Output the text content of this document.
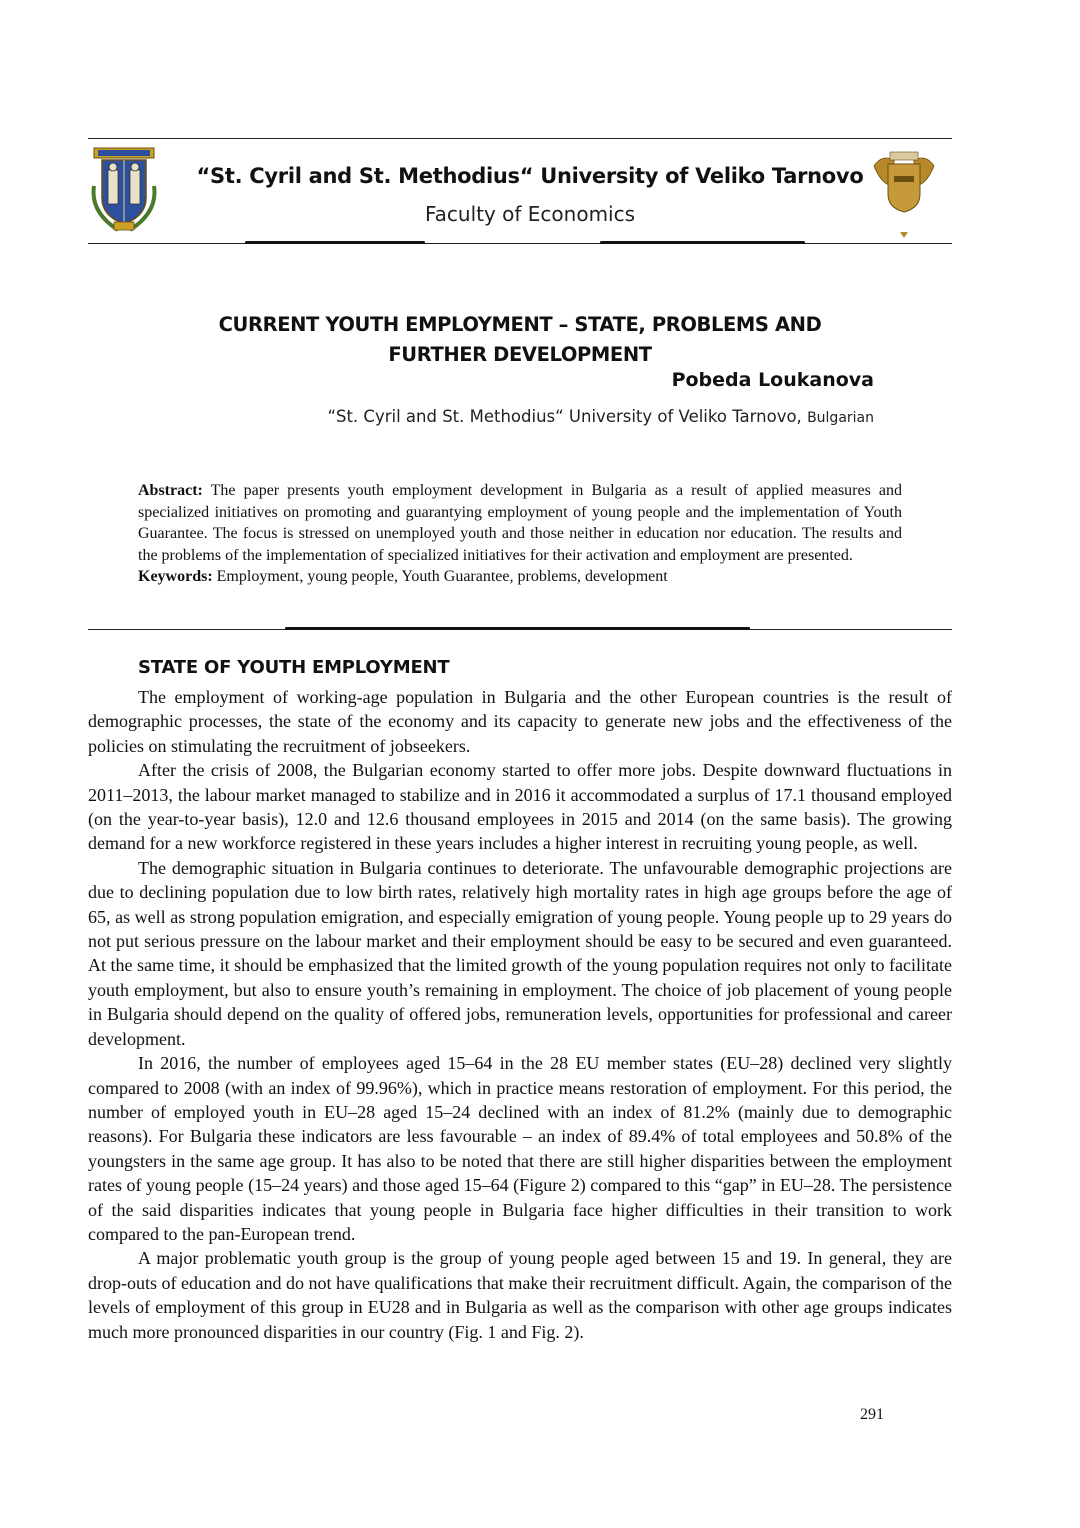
“St. Cyril and St. Methodius“ University of Veliko Tarnovo
Faculty of Economics
CURRENT YOUTH EMPLOYMENT – STATE, PROBLEMS AND
FURTHER DEVELOPMENT
Pobeda Loukanova
“St. Cyril and St. Methodius“ University of Veliko Tarnovo, Bulgarian

Abstract: The paper presents youth employment development in Bulgaria as a result of applied measures and specialized initiatives on promoting and guarantying employment of young people and the implementation of Youth Guarantee. The focus is stressed on unemployed youth and those neither in education nor education. The results and the problems of the implementation of specialized initiatives for their activation and employment are presented.

Keywords: Employment, young people, Youth Guarantee, problems, development

STATE OF YOUTH EMPLOYMENT

The employment of working-age population in Bulgaria and the other European countries is the result of demographic processes, the state of the economy and its capacity to generate new jobs and the effectiveness of the policies on stimulating the recruitment of jobseekers.

After the crisis of 2008, the Bulgarian economy started to offer more jobs. Despite downward fluctuations in 2011–2013, the labour market managed to stabilize and in 2016 it accommodated a surplus of 17.1 thousand employed (on the year-to-year basis), 12.0 and 12.6 thousand employees in 2015 and 2014 (on the same basis). The growing demand for a new workforce registered in these years includes a higher interest in recruiting young people, as well.

The demographic situation in Bulgaria continues to deteriorate. The unfavourable demographic projections are due to declining population due to low birth rates, relatively high mortality rates in high age groups before the age of 65, as well as strong population emigration, and especially emigration of young people. Young people up to 29 years do not put serious pressure on the labour market and their employment should be easy to be secured and even guaranteed. At the same time, it should be emphasized that the limited growth of the young population requires not only to facilitate youth employment, but also to ensure youth’s remaining in employment. The choice of job placement of young people in Bulgaria should depend on the quality of offered jobs, remuneration levels, opportunities for professional and career development.

In 2016, the number of employees aged 15–64 in the 28 EU member states (EU–28) declined very slightly compared to 2008 (with an index of 99.96%), which in practice means restoration of employment. For this period, the number of employed youth in EU–28 aged 15–24 declined with an index of 81.2% (mainly due to demographic reasons). For Bulgaria these indicators are less favourable – an index of 89.4% of total employees and 50.8% of the youngsters in the same age group. It has also to be noted that there are still higher disparities between the employment rates of young people (15–24 years) and those aged 15–64 (Figure 2) compared to this “gap” in EU–28. The persistence of the said disparities indicates that young people in Bulgaria face higher difficulties in their transition to work compared to the pan-European trend.

A major problematic youth group is the group of young people aged between 15 and 19. In general, they are drop-outs of education and do not have qualifications that make their recruitment difficult. Again, the comparison of the levels of employment of this group in EU28 and in Bulgaria as well as the comparison with other age groups indicates much more pronounced disparities in our country (Fig. 1 and Fig. 2).

291
